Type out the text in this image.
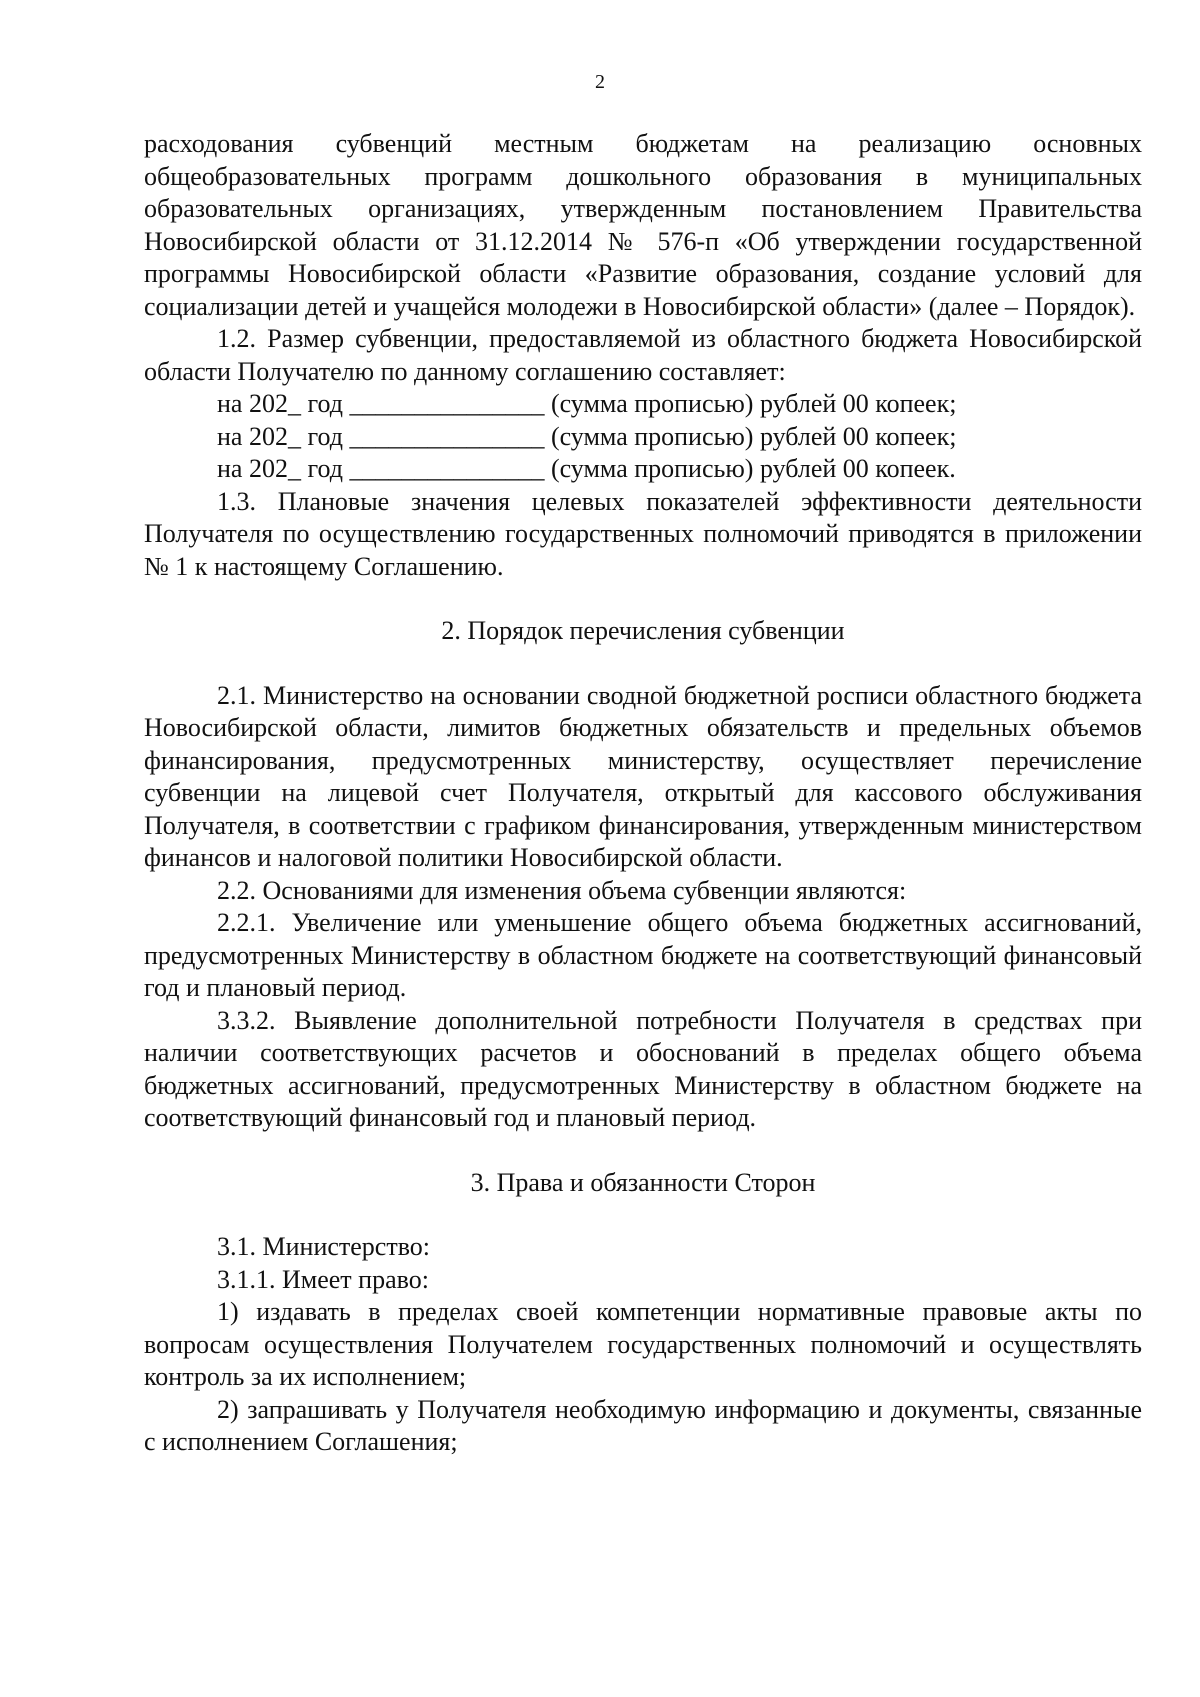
2

расходования субвенций местным бюджетам на реализацию основных общеобразовательных программ дошкольного образования в муниципальных образовательных организациях, утвержденным постановлением Правительства Новосибирской области от 31.12.2014 № 576-п «Об утверждении государственной программы Новосибирской области «Развитие образования, создание условий для социализации детей и учащейся молодежи в Новосибирской области» (далее – Порядок).

1.2. Размер субвенции, предоставляемой из областного бюджета Новосибирской области Получателю по данному соглашению составляет:

на 202_ год _______________ (сумма прописью) рублей 00 копеек;

на 202_ год _______________ (сумма прописью) рублей 00 копеек;

на 202_ год _______________ (сумма прописью) рублей 00 копеек.

1.3. Плановые значения целевых показателей эффективности деятельности Получателя по осуществлению государственных полномочий приводятся в приложении № 1 к настоящему Соглашению.

2. Порядок перечисления субвенции

2.1. Министерство на основании сводной бюджетной росписи областного бюджета Новосибирской области, лимитов бюджетных обязательств и предельных объемов финансирования, предусмотренных министерству, осуществляет перечисление субвенции на лицевой счет Получателя, открытый для кассового обслуживания Получателя, в соответствии с графиком финансирования, утвержденным министерством финансов и налоговой политики Новосибирской области.

2.2. Основаниями для изменения объема субвенции являются:

2.2.1. Увеличение или уменьшение общего объема бюджетных ассигнований, предусмотренных Министерству в областном бюджете на соответствующий финансовый год и плановый период.

3.3.2. Выявление дополнительной потребности Получателя в средствах при наличии соответствующих расчетов и обоснований в пределах общего объема бюджетных ассигнований, предусмотренных Министерству в областном бюджете на соответствующий финансовый год и плановый период.

3. Права и обязанности Сторон

3.1. Министерство:

3.1.1. Имеет право:

1) издавать в пределах своей компетенции нормативные правовые акты по вопросам осуществления Получателем государственных полномочий и осуществлять контроль за их исполнением;

2) запрашивать у Получателя необходимую информацию и документы, связанные с исполнением Соглашения;
